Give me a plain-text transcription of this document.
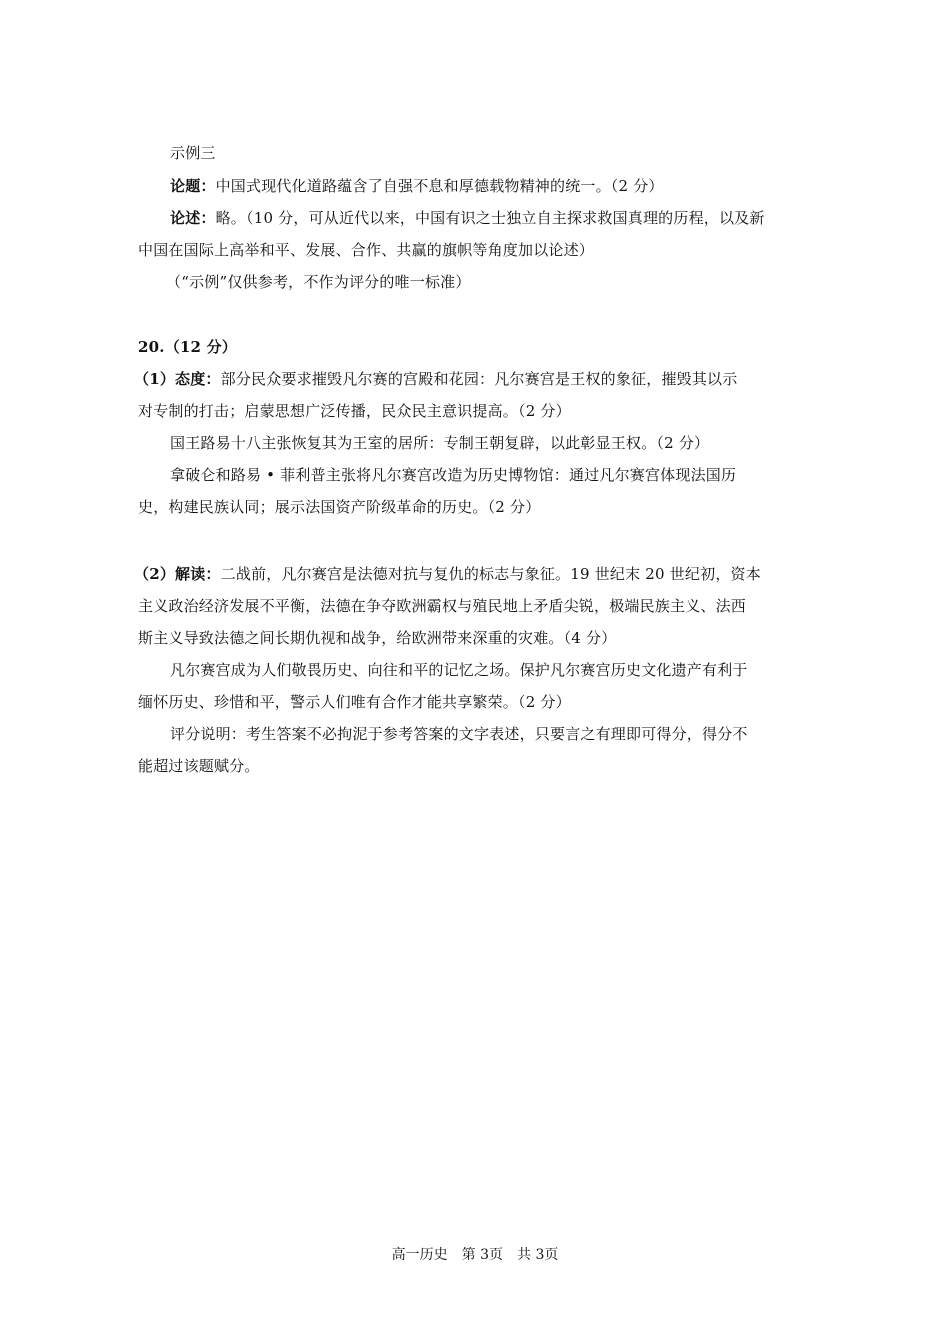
示例三
论题：中国式现代化道路蕴含了自强不息和厚德载物精神的统一。（2 分）
论述：略。（10 分，可从近代以来，中国有识之士独立自主探求救国真理的历程，以及新
中国在国际上高举和平、发展、合作、共赢的旗帜等角度加以论述）
（“示例”仅供参考，不作为评分的唯一标准）
20.（12 分）
（1）态度：部分民众要求摧毁凡尔赛的宫殿和花园：凡尔赛宫是王权的象征，摧毁其以示
对专制的打击；启蒙思想广泛传播，民众民主意识提高。（2 分）
国王路易十八主张恢复其为王室的居所：专制王朝复辟，以此彰显王权。（2 分）
拿破仑和路易 • 菲利普主张将凡尔赛宫改造为历史博物馆：通过凡尔赛宫体现法国历
史，构建民族认同；展示法国资产阶级革命的历史。（2 分）
（2）解读：二战前，凡尔赛宫是法德对抗与复仇的标志与象征。19 世纪末 20 世纪初，资本
主义政治经济发展不平衡，法德在争夺欧洲霸权与殖民地上矛盾尖锐，极端民族主义、法西
斯主义导致法德之间长期仇视和战争，给欧洲带来深重的灾难。（4 分）
凡尔赛宫成为人们敬畏历史、向往和平的记忆之场。保护凡尔赛宫历史文化遗产有利于
缅怀历史、珍惜和平，警示人们唯有合作才能共享繁荣。（2 分）
评分说明：考生答案不必拘泥于参考答案的文字表述，只要言之有理即可得分，得分不
能超过该题赋分。
高一历史　第 3页　共 3页
